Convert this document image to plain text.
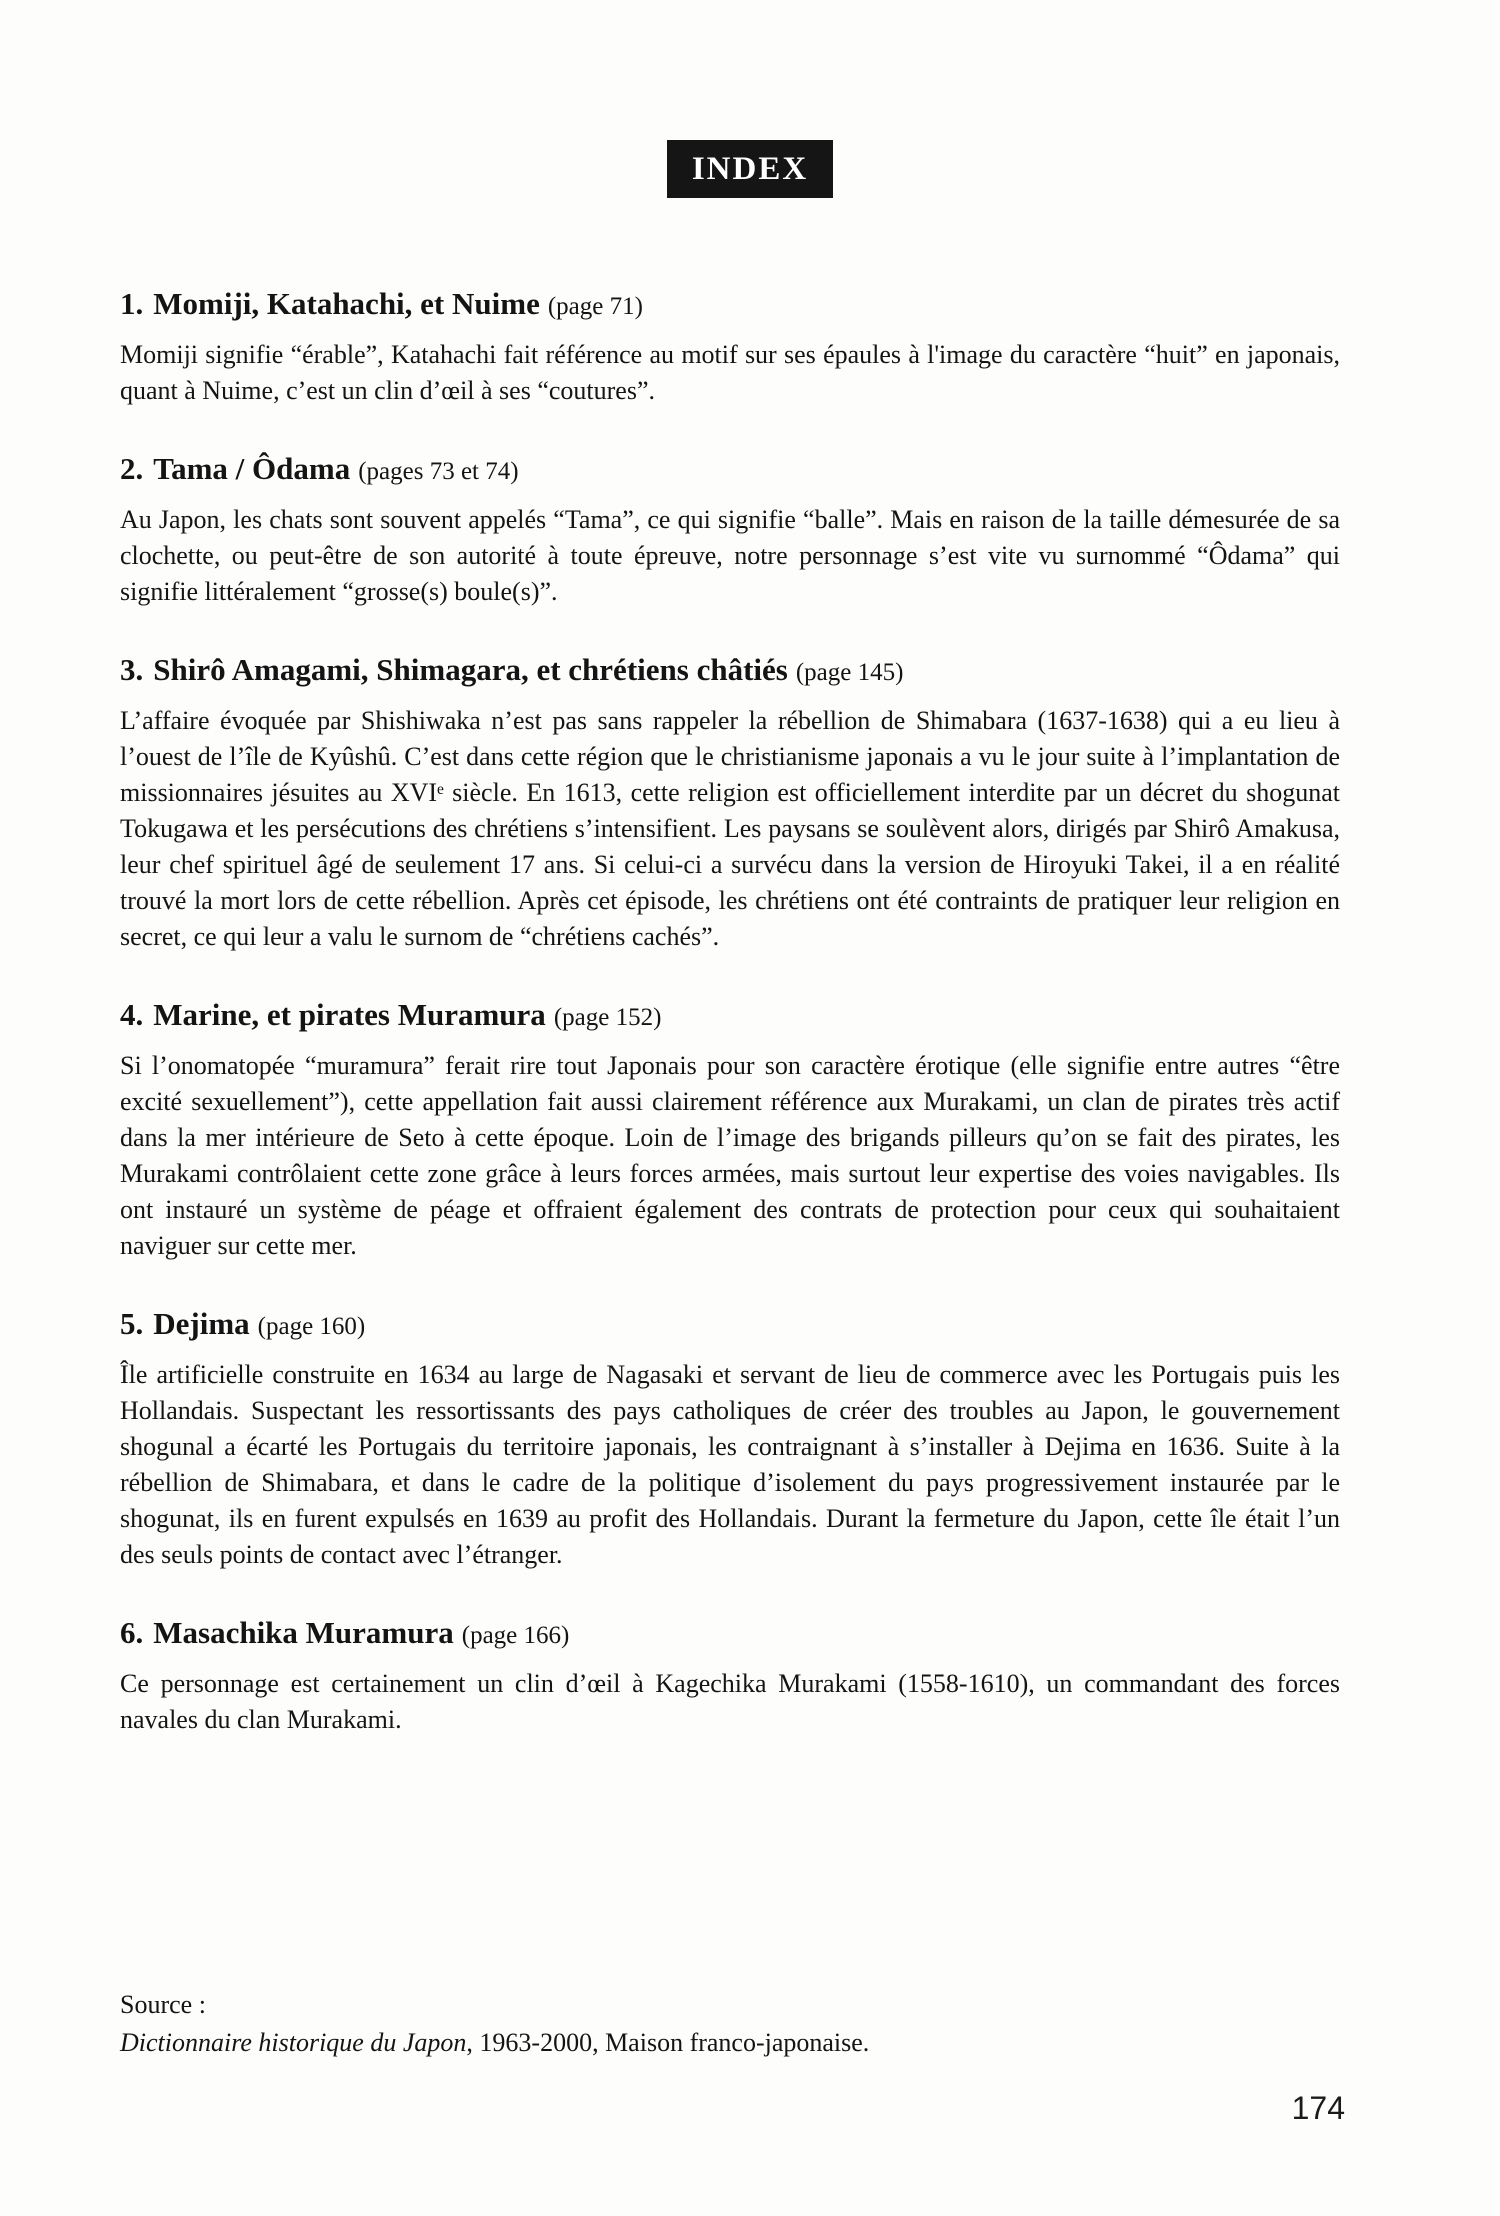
INDEX
1. Momiji, Katahachi, et Nuime (page 71)

Momiji signifie “érable”, Katahachi fait référence au motif sur ses épaules à l'image du caractère “huit” en japonais, quant à Nuime, c’est un clin d’œil à ses “coutures”.

2. Tama / Ôdama (pages 73 et 74)

Au Japon, les chats sont souvent appelés “Tama”, ce qui signifie “balle”. Mais en raison de la taille démesurée de sa clochette, ou peut-être de son autorité à toute épreuve, notre personnage s’est vite vu surnommé “Ôdama” qui signifie littéralement “grosse(s) boule(s)”.

3. Shirô Amagami, Shimagara, et chrétiens châtiés (page 145)

L’affaire évoquée par Shishiwaka n’est pas sans rappeler la rébellion de Shimabara (1637-1638) qui a eu lieu à l’ouest de l’île de Kyûshû. C’est dans cette région que le christianisme japonais a vu le jour suite à l’implantation de missionnaires jésuites au XVIᵉ siècle. En 1613, cette religion est officiellement interdite par un décret du shogunat Tokugawa et les persécutions des chrétiens s’intensifient. Les paysans se soulèvent alors, dirigés par Shirô Amakusa, leur chef spirituel âgé de seulement 17 ans. Si celui-ci a survécu dans la version de Hiroyuki Takei, il a en réalité trouvé la mort lors de cette rébellion. Après cet épisode, les chrétiens ont été contraints de pratiquer leur religion en secret, ce qui leur a valu le surnom de “chrétiens cachés”.

4. Marine, et pirates Muramura (page 152)

Si l’onomatopée “muramura” ferait rire tout Japonais pour son caractère érotique (elle signifie entre autres “être excité sexuellement”), cette appellation fait aussi clairement référence aux Murakami, un clan de pirates très actif dans la mer intérieure de Seto à cette époque. Loin de l’image des brigands pilleurs qu’on se fait des pirates, les Murakami contrôlaient cette zone grâce à leurs forces armées, mais surtout leur expertise des voies navigables. Ils ont instauré un système de péage et offraient également des contrats de protection pour ceux qui souhaitaient naviguer sur cette mer.

5. Dejima (page 160)

Île artificielle construite en 1634 au large de Nagasaki et servant de lieu de commerce avec les Portugais puis les Hollandais. Suspectant les ressortissants des pays catholiques de créer des troubles au Japon, le gouvernement shogunal a écarté les Portugais du territoire japonais, les contraignant à s’installer à Dejima en 1636. Suite à la rébellion de Shimabara, et dans le cadre de la politique d’isolement du pays progressivement instaurée par le shogunat, ils en furent expulsés en 1639 au profit des Hollandais. Durant la fermeture du Japon, cette île était l’un des seuls points de contact avec l’étranger.

6. Masachika Muramura (page 166)

Ce personnage est certainement un clin d’œil à Kagechika Murakami (1558-1610), un commandant des forces navales du clan Murakami.

Source :
Dictionnaire historique du Japon, 1963-2000, Maison franco-japonaise.
174
